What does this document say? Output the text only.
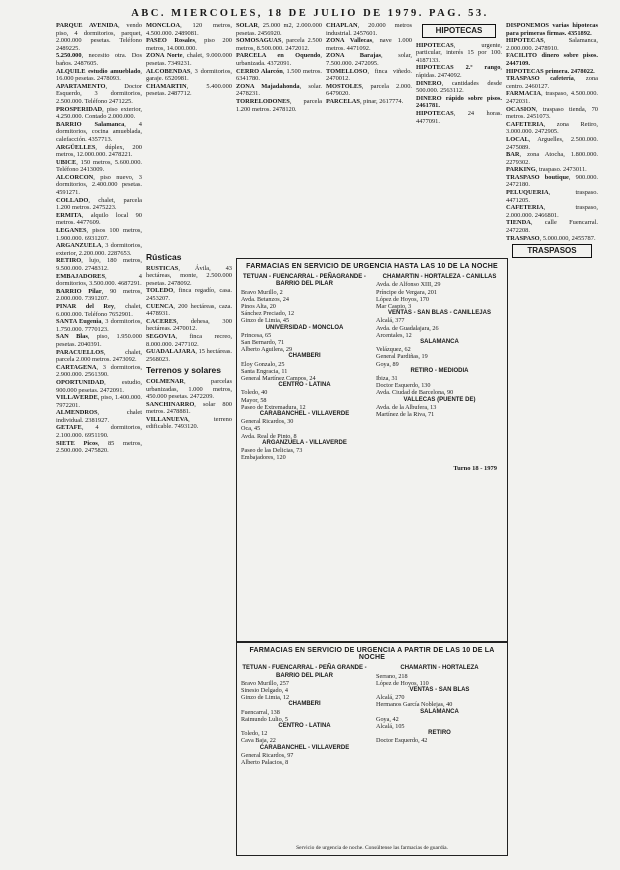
ABC. MIERCOLES, 18 DE JULIO DE 1979. PAG. 53.

PARQUE AVENIDA, vendo piso, 4 dormitorios, parquet, 2.000.000 pesetas. Teléfono 2489225.

5.250.000, necesito otra. Dos baños. 2487605.

ALQUILE estudio amueblado, 16.000 pesetas. 2478093.

APARTAMENTO, Doctor Esquerdo, 3 dormitorios, 2.500.000. Teléfono 2471225.

PROSPERIDAD, piso exterior, 4.250.000. Contado 2.000.000.

BARRIO Salamanca, 4 dormitorios, cocina amueblada, calefacción. 4357713.

ARGÜELLES, dúplex, 200 metros, 12.000.000. 2478221.

UBICE, 150 metros, 5.600.000. Teléfono 2413009.

ALCORCON, piso nuevo, 3 dormitorios, 2.400.000 pesetas. 4591271.

COLLADO, chalet, parcela 1.200 metros. 2475223.

ERMITA, alquilo local 90 metros. 4477609.

LEGANES, pisos 100 metros, 1.900.000. 6931207.

ARGANZUELA, 3 dormitorios, exterior, 2.200.000. 2287653.

RETIRO, lujo, 180 metros, 9.500.000. 2748312.

EMBAJADORES, 4 dormitorios, 3.500.000. 4687291.

BARRIO Pilar, 90 metros, 2.000.000. 7391207.

PINAR del Rey, chalet, 6.000.000. Teléfono 7652901.

SANTA Eugenia, 3 dormitorios, 1.750.000. 7770123.

SAN Blas, piso, 1.950.000 pesetas. 2040391.

PARACUELLOS, chalet, parcela 2.000 metros. 2473092.

CARTAGENA, 3 dormitorios, 2.900.000. 2561390.

OPORTUNIDAD, estudio, 900.000 pesetas. 2472091.

VILLAVERDE, piso, 1.400.000. 7972201.

ALMENDROS, chalet individual. 2381927.

GETAFE, 4 dormitorios, 2.100.000. 6951190.

SIETE Picos, 85 metros, 2.500.000. 2475820.

MONCLOA, 120 metros, 4.500.000. 2489081.

PASEO Rosales, piso 200 metros, 14.000.000.

ZONA Norte, chalet, 9.000.000 pesetas. 7349231.

ALCOBENDAS, 3 dormitorios, garaje. 6520981.

CHAMARTIN, 5.400.000 pesetas. 2487712.

Rústicas

RUSTICAS, Ávila, 43 hectáreas, monte, 2.500.000 pesetas. 2478092.

TOLEDO, finca regadío, casa. 2453207.

CUENCA, 200 hectáreas, caza. 4478931.

CACERES, dehesa, 300 hectáreas. 2470012.

SEGOVIA, finca recreo, 8.000.000. 2477102.

GUADALAJARA, 15 hectáreas. 2568023.

Terrenos y solares

COLMENAR, parcelas urbanizadas, 1.000 metros, 450.000 pesetas. 2472209.

SANCHINARRO, solar 800 metros. 2478881.

VILLANUEVA, terreno edificable. 7493120.

SOLAR, 25.000 m2, 2.000.000 pesetas. 2456920.

SOMOSAGUAS, parcela 2.500 metros, 8.500.000. 2472012.

PARCELA en Oquendo, urbanizada. 4372091.

CERRO Alarcón, 1.500 metros. 6341780.

ZONA Majadahonda, solar. 2478231.

TORRELODONES, parcela 1.200 metros. 2478120.

CHAPLAN, 20.000 metros industrial. 2457601.

ZONA Vallecas, nave 1.000 metros. 4471092.

ZONA Barajas, solar, 7.500.000. 2472095.

TOMELLOSO, finca viñedo. 2470012.

MOSTOLES, parcela 2.000. 6479020.

PARCELAS, pinar, 2617774.

HIPOTECAS

HIPOTECAS, urgente, particular, interés 15 por 100. 4187133.

HIPOTECAS 2.º rango, rápidas. 2474092.

DINERO, cantidades desde 500.000. 2563112.

DINERO rápido sobre pisos. 2461781.

HIPOTECAS, 24 horas. 4477091.

DISPONEMOS varias hipotecas para primeras firmas. 4351892.

HIPOTECAS, Salamanca, 2.000.000. 2478910.

FACILITO dinero sobre pisos. 2447109.

HIPOTECAS primera. 2478022.

TRASPASO cafetería, zona centro. 2460127.

FARMACIA, traspaso, 4.500.000. 2472031.

OCASION, traspaso tienda, 70 metros. 2451073.

CAFETERIA, zona Retiro, 3.000.000. 2472905.

LOCAL, Arguelles, 2.500.000. 2475089.

BAR, zona Atocha, 1.800.000. 2279302.

PARKING, traspaso. 2473011.

TRASPASO boutique, 900.000. 2472180.

PELUQUERIA, traspaso. 4471205.

CAFETERIA, traspaso, 2.000.000. 2466801.

TIENDA, calle Fuencarral. 2472208.

TRASPASO, 5.000.000, 2455787.

TRASPASOS
FARMACIAS EN SERVICIO DE URGENCIA HASTA LAS 10 DE LA NOCHE
TETUAN - FUENCARRAL - PEÑAGRANDE - BARRIO DEL PILAR
Bravo Murillo, 2
Avda. Betanzos, 24
Pinos Alta, 20
Sánchez Preciado, 12
Ginzo de Limia, 45
UNIVERSIDAD - MONCLOA
Princesa, 65
San Bernardo, 71
Alberto Aguilera, 29
CHAMBERI
Eloy Gonzalo, 25
Santa Engracia, 11
General Martínez Campos, 24
CENTRO - LATINA
Toledo, 40
Mayor, 58
Paseo de Extremadura, 12
CARABANCHEL - VILLAVERDE
General Ricardos, 30
Oca, 45
Avda. Real de Pinto, 8
ARGANZUELA - VILLAVERDE
Paseo de las Delicias, 73
Embajadores, 120
CHAMARTIN - HORTALEZA - CANILLAS
Avda. de Alfonso XIII, 29
Príncipe de Vergara, 201
López de Hoyos, 170
Mar Caspio, 3
VENTAS - SAN BLAS - CANILLEJAS
Alcalá, 377
Avda. de Guadalajara, 26
Arcentales, 12
SALAMANCA
Velázquez, 62
General Pardiñas, 19
Goya, 89
RETIRO - MEDIODIA
Ibiza, 31
Doctor Esquerdo, 130
Avda. Ciudad de Barcelona, 90
VALLECAS (PUENTE DE)
Avda. de la Albufera, 13
Martínez de la Riva, 71
Turno 18 - 1979
FARMACIAS EN SERVICIO DE URGENCIA A PARTIR DE LAS 10 DE LA NOCHE
TETUAN - FUENCARRAL - PEÑA GRANDE - BARRIO DEL PILAR
Bravo Murillo, 257
Sinesio Delgado, 4
Ginzo de Limia, 12
CHAMBERI
Fuencarral, 138
Raimundo Lulio, 5
CENTRO - LATINA
Toledo, 12
Cava Baja, 22
CARABANCHEL - VILLAVERDE
General Ricardos, 97
Alberto Palacios, 8
CHAMARTIN - HORTALEZA
Serrano, 218
López de Hoyos, 110
VENTAS - SAN BLAS
Alcalá, 270
Hermanos García Noblejas, 40
SALAMANCA
Goya, 42
Alcalá, 105
RETIRO
Doctor Esquerdo, 42
Servicio de urgencia de noche. Consúltense las farmacias de guardia.
